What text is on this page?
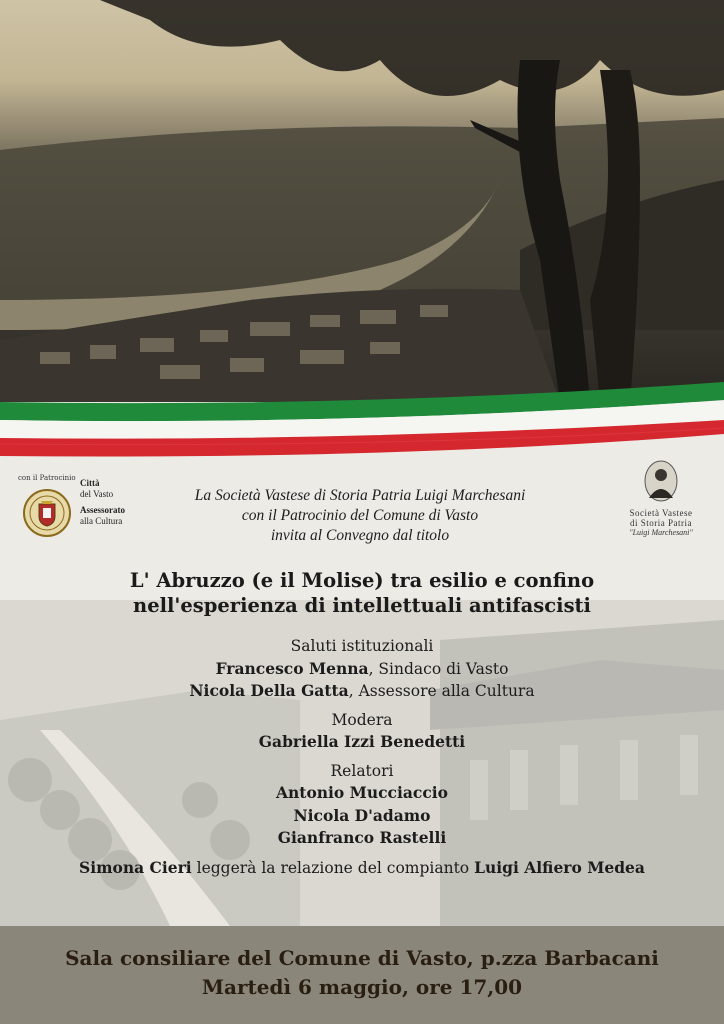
con il Patrocinio Città
del Vasto
Assessorato
alla Cultura
La Società Vastese di Storia Patria Luigi Marchesani
con il Patrocinio del Comune di Vasto
invita al Convegno dal titolo
Società Vastese
di Storia Patria
"Luigi Marchesani"
L' Abruzzo (e il Molise) tra esilio e confino
nell'esperienza di intellettuali antifascisti
Saluti istituzionali
Francesco Menna, Sindaco di Vasto
Nicola Della Gatta, Assessore alla Cultura
Modera
Gabriella Izzi Benedetti
Relatori
Antonio Mucciaccio
Nicola D'adamo
Gianfranco Rastelli
Simona Cieri leggerà la relazione del compianto Luigi Alfiero Medea
Sala consiliare del Comune di Vasto, p.zza Barbacani
Martedì 6 maggio, ore 17,00
